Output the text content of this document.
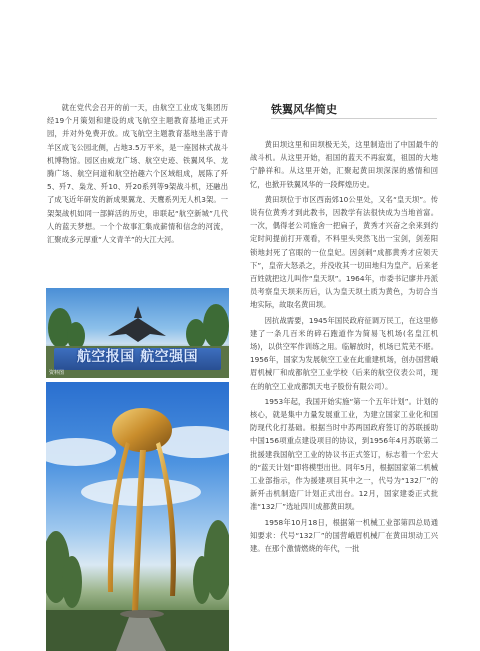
就在党代会召开的前一天，由航空工业成飞集团历经19个月策划和建设的成飞航空主题教育基地正式开园，并对外免费开放。成飞航空主题教育基地坐落于青羊区成飞公园北侧，占地3.5万平米，是一座园林式战斗机博物馆。园区由威龙广场、航空史迹、铁翼风华、龙腾广场、航空问道和航空抬趣六个区域组成，展陈了歼5、歼7、枭龙、歼10、歼20系列等9架战斗机，还融出了成飞近年研发的新成果翼龙、天鹰系列无人机3架。一架架战机如同一部鲜活的历史，串联起“航空新城”几代人的蓝天梦想。一个个故事汇集成薪情和信念的河流，汇聚成多元厚重“人文青羊”的大江大河。

航空报国 航空强国
资料图
铁翼风华简史

黄田坝这里和田坝极无关，这里制造出了中国最牛的战斗机。从这里开始，祖国的蓝天不再寂寞，祖国的大地宁静祥和。从这里开始，汇聚起黄田坝深深的感情和回忆，也掀开铁翼风华的一段辉煌历史。

黄田坝位于市区西南郊10公里处，又名“皇天坝”。传说有位黄秀才到此教书，因教学有法很快成为当地首富。一次，偶得老公司施舍一把扁子，黄秀才兴奋之余来到约定时间提前打开观看，不料里头突然飞出一宝剑，剑差阳锁地封死了官眼的一位皇妃。因剑刺“成都黄秀才应领天下”，皇帝大怒杀之，并没收其一切田地归为皇产。后来老百姓就把这儿叫作“皇天坝”。1964年，市委书记廖井丹派员考察皇天坝来历后，认为皇天坝土质为黄色，为切合当地实际，故取名黄田坝。

因抗战需要，1945年国民政府征调万民工，在这里修建了一条几百米的碎石跑道作为简易飞机场(名皇江机场)，以供空军作训练之用。临解放时，机场已荒芜不堪。1956年，国家为发展航空工业在此重建机场，创办国营峨眉机械厂和成都航空工业学校（后来的航空仪表公司，现在的航空工业成都凯天电子股份有限公司）。

1953年起，我国开始实施“第一个五年计划”。计划的核心，就是集中力量发展重工业，为建立国家工业化和国防现代化打基础。根据当时中苏两国政府签订的苏联援助中国156项重点建设项目的协议，到1956年4月苏联第二批援建我国航空工业的协议书正式签订，标志着一个宏大的“蓝天计划”即将模型出世。同年5月，根据国家第二机械工业部指示，作为援建项目其中之一，代号为“132厂”的新歼击机制造厂计划正式出台。12月，国家建委正式批准“132厂”选址四川成都黄田坝。

1958年10月18日，根据第一机械工业部第四总局通知要求：代号“132厂”的国营峨眉机械厂在黄田坝动工兴建。在那个激情燃烧的年代，一批
